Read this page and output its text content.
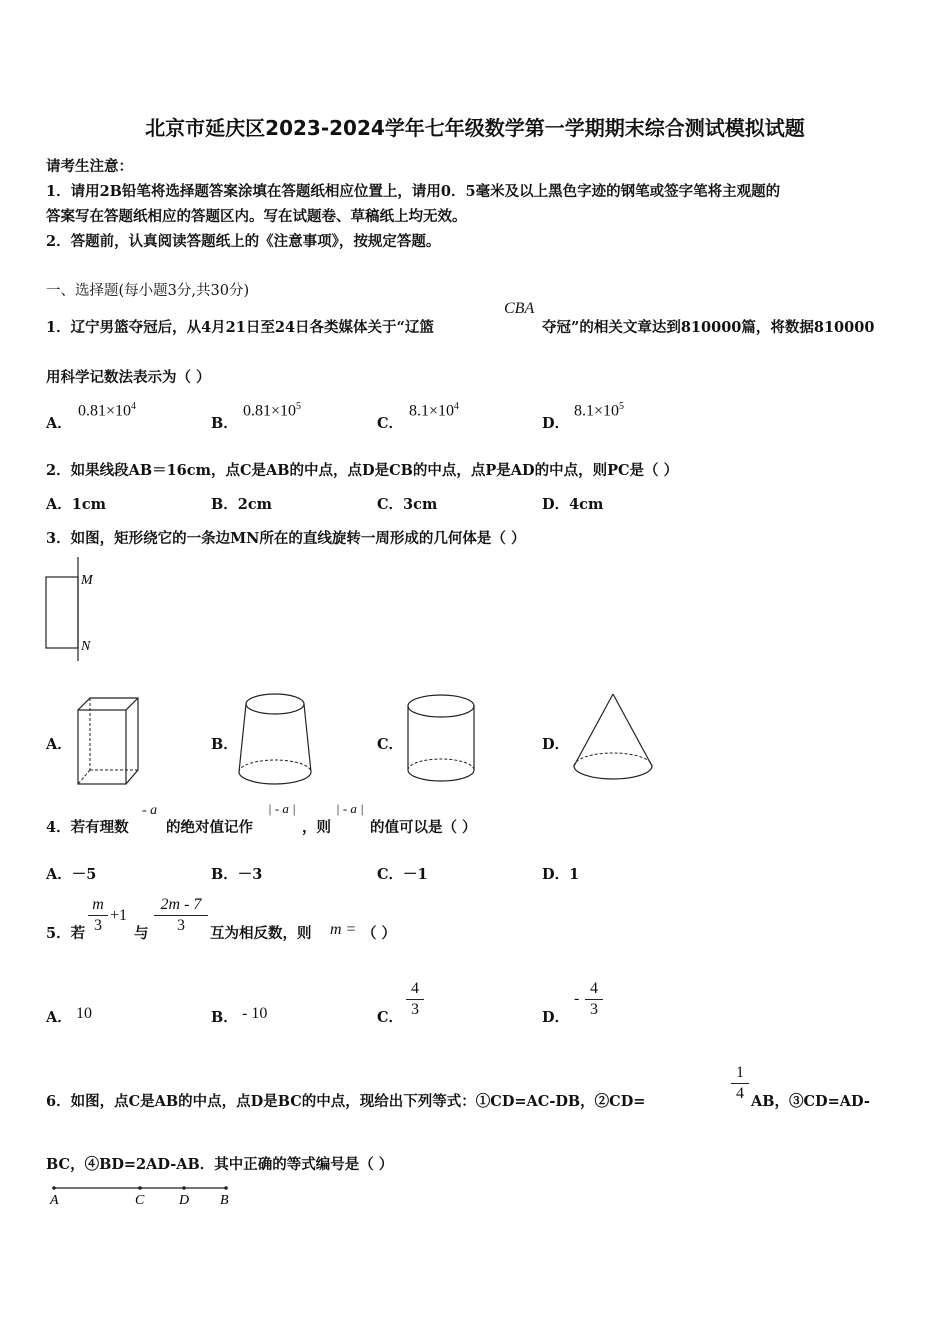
北京市延庆区2023-2024学年七年级数学第一学期期末综合测试模拟试题
请考生注意：
1．请用2B铅笔将选择题答案涂填在答题纸相应位置上，请用0．5毫米及以上黑色字迹的钢笔或签字笔将主观题的
答案写在答题纸相应的答题区内。写在试题卷、草稿纸上均无效。
2．答题前，认真阅读答题纸上的《注意事项》，按规定答题。
一、选择题(每小题3分,共30分)
1．辽宁男篮夺冠后，从4月21日至24日各类媒体关于“辽篮
CBA
夺冠”的相关文章达到810000篇，将数据810000
用科学记数法表示为（ ）
A．
$0.81\times 10^4$
B．
$0.81\times 10^5$
C．
$8.1\times 10^4$
D．
$8.1\times 10^5$
2．如果线段AB＝16cm，点C是AB的中点，点D是CB的中点，点P是AD的中点，则PC是（ ）
A．1cm	B．2cm	C．3cm	D．4cm
3．如图，矩形绕它的一条边MN所在的直线旋转一周形成的几何体是（ ）
M
N
A．	B．	C．	D．
4．若有理数
- a
的绝对值记作
| - a |
，则
| - a |
的值可以是（ ）
A．－5	B．－3	C．－1	D．1
5．若
m
3
+1
与
2m - 7
3	互为相反数，则 m = （ ）
A． 10	B． - 10	C．
4
3	D．
-
4
3
6．如图，点C是AB的中点，点D是BC的中点，现给出下列等式：①CD=AC-DB，②CD=
1
4 AB，③CD=AD-
BC，④BD=2AD-AB．其中正确的等式编号是（ ）
A	C D B
